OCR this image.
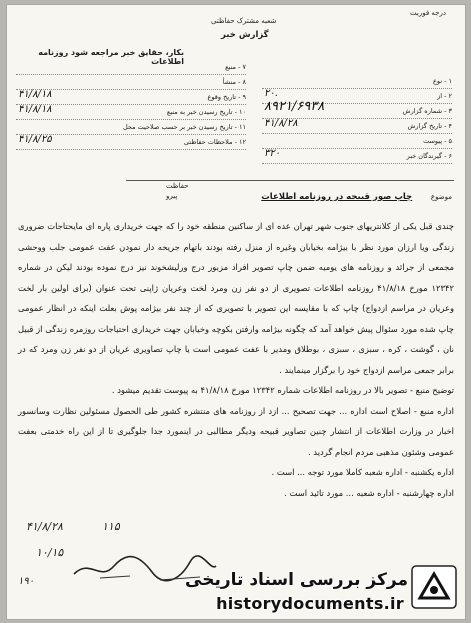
درجه فوریت
شعبه مشترک حفاظتی
گزارش خبر
بکار، حقایق خبر مراجعه شود روزنامه اطلاعات
۱ - نوع
۲ - از
۲۰.
۳ - شماره گزارش
۸۹۲۱/۶۹۳۸
۴ - تاریخ گزارش
۴۱/۸/۲۸
۵ - پیوست
۶ - گیرندگان خبر
۳۲۰
۷ - منبع
۸ - منشأ
۹ - تاریخ وقوع
۴۱/۸/۱۸
۱۰ - تاریخ رسیدن خبر به منبع
۴۱/۸/۱۸
۱۱ - تاریخ رسیدن خبر بر حسب صلاحیت محل
۱۲ - ملاحظات حفاظتی
۴۱/۸/۲۵
حفاظت
پیرو	موضوع چاپ صور قبیحه در روزنامه اطلاعات

چندی قبل یکی از کلانتریهای جنوب شهر تهران عده ای از ساکنین منطقه خود را که جهت خریداری پاره ای مایحتاجات ضروری زندگی ویا ارزان مورد نظر با بیژامه بخیابان وغیره از منزل رفته بودند باتهام جریحه دار نمودن عفت عمومی جلب ووحشی مجمعی از جرائد و روزنامه های یومیه ضمن چاپ تصویر افراد مزبور درج ورلیشخوند نیز درج نموده بودند لیکن در شماره ۱۲۳۴۲ مورخ ۴۱/۸/۱۸ روزنامه اطلاعات تصویری از دو نفر زن ومرد لخت وعریان ژاپنی تحت عنوان (برای اولین بار لخت وعریان در مراسم ازدواج) چاپ که با مقایسه این تصویر با تصویری که از چند نفر بیژامه پوش بعلت اینکه در انظار عمومی چاپ شده مورد سئوال پیش خواهد آمد که چگونه بیژامه وارفتن بکوچه وخیابان جهت خریداری احتیاجات روزمره زندگی از قبیل نان ، گوشت ، کره ، سبزی ، سبزی ، بوطلاق ومدیر با عفت عمومی است یا چاپ تصاویری عریان از دو نفر زن ومرد که در برابر جمعی مراسم ازدواج خود را برگزار مینمایند .

توضیح منبع - تصویر بالا در روزنامه اطلاعات شماره ۱۲۳۴۲ مورخ ۴۱/۸/۱۸ به پیوست تقدیم میشود .

اداره منبع - اصلاح است اداره ... جهت تصحیح ... ازد از روزنامه های منتشره کشور طی الحصول مسئولین نظارت وسانسور اخبار در وزارت اطلاعات از انتشار چنین تصاویر قبیحه ودیگر مطالبی در اینمورد جدا جلوگیری تا از این راه خدمتی بعفت عمومی وشئون مذهبی مردم انجام گردید .

اداره یکشنبه - اداره شعبه کاملا مورد توجه ... است .

اداره چهارشنبه - اداره شعبه ... مورد تائید است .

۴۱/۸/۲۸	۱۱۵
۱۰/۱۵
۱۹۰	مرکز بررسی اسناد تاریخی
historydocuments.ir
